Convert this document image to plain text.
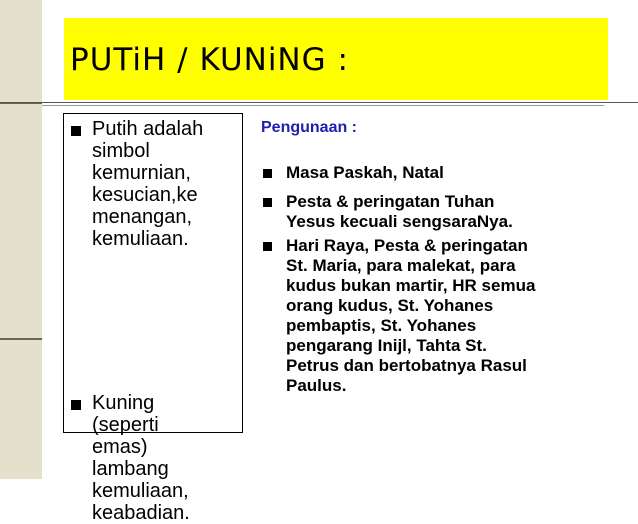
PUTiH / KUNiNG :
Putih adalah
simbol
kemurnian,
kesucian,ke
menangan,
kemuliaan.
Kuning
(seperti
emas)
lambang
kemuliaan,
keabadian.

Pengunaan :

Masa Paskah, Natal
Pesta & peringatan Tuhan
Yesus kecuali sengsaraNya.
Hari Raya, Pesta & peringatan
St. Maria, para malekat, para
kudus bukan martir, HR semua
orang kudus, St. Yohanes
pembaptis, St. Yohanes
pengarang Inijl, Tahta St.
Petrus dan bertobatnya Rasul
Paulus.
